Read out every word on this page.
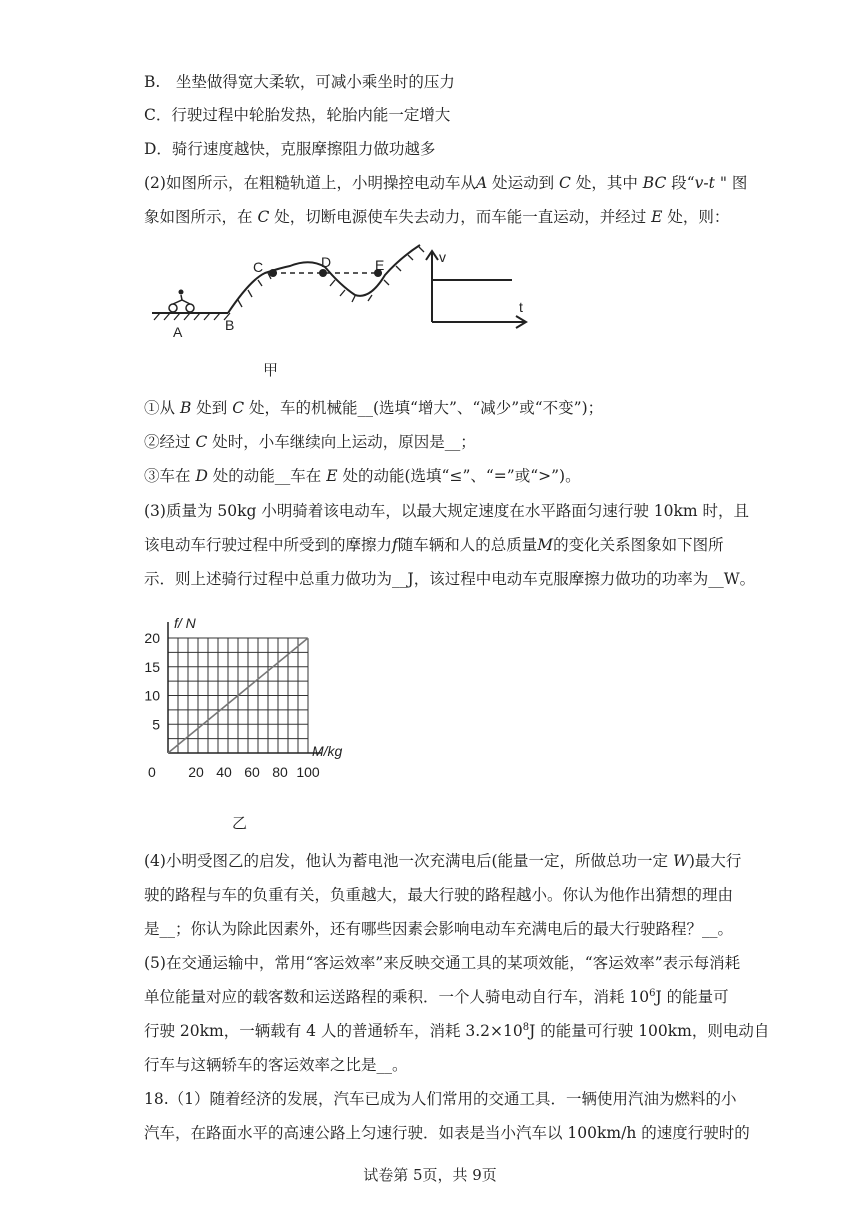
B.　坐垫做得宽大柔软，可减小乘坐时的压力
C．行驶过程中轮胎发热，轮胎内能一定增大
D．骑行速度越快，克服摩擦阻力做功越多
(2)如图所示，在粗糙轨道上，小明操控电动车从A 处运动到 C 处，其中 BC 段“v-t " 图
象如图所示，在 C 处，切断电源使车失去动力，而车能一直运动，并经过 E 处，则：
A	B
C	D	E	v
t
甲
①从 B 处到 C 处，车的机械能__(选填“增大”、“减少”或“不变”)；
②经过 C 处时，小车继续向上运动，原因是__；
③车在 D 处的动能__车在 E 处的动能(选填“≤”、“=”或“>”)。
(3)质量为 50kg 小明骑着该电动车，以最大规定速度在水平路面匀速行驶 10km 时，且
该电动车行驶过程中所受到的摩擦力f随车辆和人的总质量M的变化关系图象如下图所
示．则上述骑行过程中总重力做功为__J，该过程中电动车克服摩擦力做功的功率为__W。
20 40 60 80 100
5
10
15
20
f/ N
M/kg
0
乙
(4)小明受图乙的启发，他认为蓄电池一次充满电后(能量一定，所做总功一定 W)最大行
驶的路程与车的负重有关，负重越大，最大行驶的路程越小。你认为他作出猜想的理由
是__；你认为除此因素外，还有哪些因素会影响电动车充满电后的最大行驶路程？__。
(5)在交通运输中，常用“客运效率”来反映交通工具的某项效能，“客运效率”表示每消耗
单位能量对应的载客数和运送路程的乘积．一个人骑电动自行车，消耗 $10^6J$ 的能量可
行驶 20km，一辆载有 4 人的普通轿车，消耗 $3.2\times 10^8J$ 的能量可行驶 100km，则电动自
行车与这辆轿车的客运效率之比是__。
18.（1）随着经济的发展，汽车已成为人们常用的交通工具．一辆使用汽油为燃料的小
汽车，在路面水平的高速公路上匀速行驶．如表是当小汽车以 100km/h 的速度行驶时的
试卷第 5页，共 9页
